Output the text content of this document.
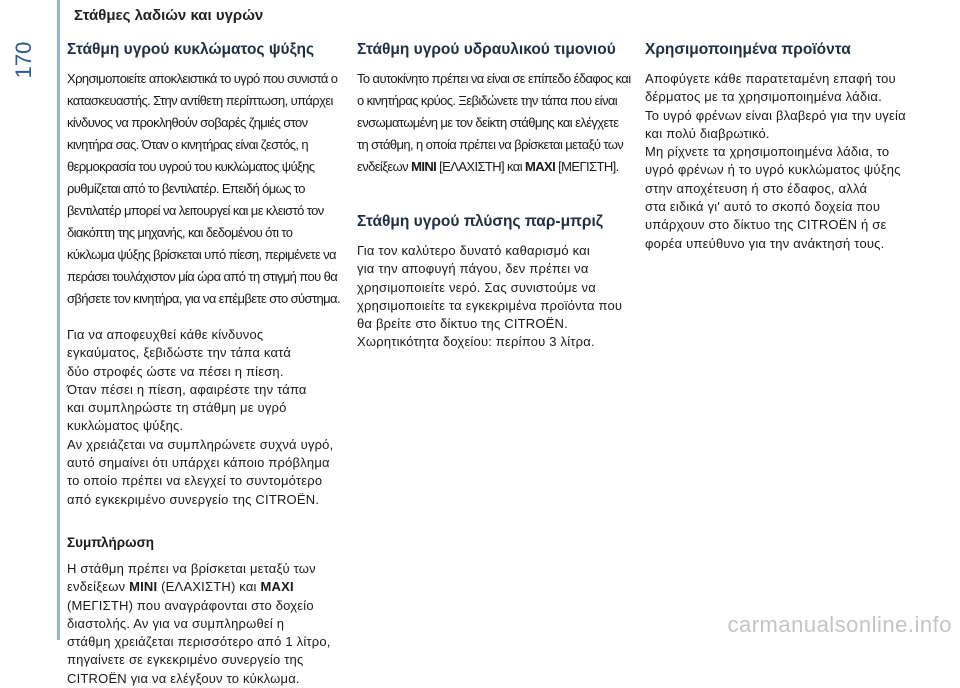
170
Στάθμες λαδιών και υγρών
Στάθμη υγρού κυκλώματος ψύξης

Χρησιμοποιείτε αποκλειστικά το υγρό που συνιστά ο κατασκευαστής. Στην αντίθετη περίπτωση, υπάρχει κίνδυνος να προκληθούν σοβαρές ζημιές στον κινητήρα σας. Όταν ο κινητήρας είναι ζεστός, η θερμοκρασία του υγρού του κυκλώματος ψύξης ρυθμίζεται από το βεντιλατέρ. Επειδή όμως το βεντιλατέρ μπορεί να λειτουργεί και με κλειστό τον διακόπτη της μηχανής, και δεδομένου ότι το κύκλωμα ψύξης βρίσκεται υπό πίεση, περιμένετε να περάσει τουλάχιστον μία ώρα από τη στιγμή που θα σβήσετε τον κινητήρα, για να επέμβετε στο σύστημα.

Για να αποφευχθεί κάθε κίνδυνος
εγκαύματος, ξεβιδώστε την τάπα κατά
δύο στροφές ώστε να πέσει η πίεση.
Όταν πέσει η πίεση, αφαιρέστε την τάπα
και συμπληρώστε τη στάθμη με υγρό
κυκλώματος ψύξης.
Αν χρειάζεται να συμπληρώνετε συχνά υγρό,
αυτό σημαίνει ότι υπάρχει κάποιο πρόβλημα
το οποίο πρέπει να ελεγχεί το συντομότερο
από εγκεκριμένο συνεργείο της CITROËN.
Συμπλήρωση
Η στάθμη πρέπει να βρίσκεται μεταξύ των
ενδείξεων MINI (ΕΛΑΧΙΣΤΗ) και MAXI
(ΜΕΓΙΣΤΗ) που αναγράφονται στο δοχείο
διαστολής. Αν για να συμπληρωθεί η
στάθμη χρειάζεται περισσότερο από 1 λίτρο,
πηγαίνετε σε εγκεκριμένο συνεργείο της
CITROËN για να ελέγξουν το κύκλωμα.
Στάθμη υγρού υδραυλικού τιμονιού
Το αυτοκίνητο πρέπει να είναι σε επίπεδο έδαφος και
ο κινητήρας κρύος. Ξεβιδώνετε την τάπα που είναι
ενσωματωμένη με τον δείκτη στάθμης και ελέγχετε
τη στάθμη, η οποία πρέπει να βρίσκεται μεταξύ των
ενδείξεων MINI [ΕΛΑΧΙΣΤΗ] και MAXI [ΜΕΓΙΣΤΗ].
Στάθμη υγρού πλύσης παρ-μπριζ
Για τον καλύτερο δυνατό καθαρισμό και
για την αποφυγή πάγου, δεν πρέπει να
χρησιμοποιείτε νερό. Σας συνιστούμε να
χρησιμοποιείτε τα εγκεκριμένα προϊόντα που
θα βρείτε στο δίκτυο της CITROËN.
Χωρητικότητα δοχείου: περίπου 3 λίτρα.
Χρησιμοποιημένα προϊόντα
Αποφύγετε κάθε παρατεταμένη επαφή του
δέρματος με τα χρησιμοποιημένα λάδια.
Το υγρό φρένων είναι βλαβερό για την υγεία
και πολύ διαβρωτικό.
Μη ρίχνετε τα χρησιμοποιημένα λάδια, το
υγρό φρένων ή το υγρό κυκλώματος ψύξης
στην αποχέτευση ή στο έδαφος, αλλά
στα ειδικά γι' αυτό το σκοπό δοχεία που
υπάρχουν στο δίκτυο της CITROËN ή σε
φορέα υπεύθυνο για την ανάκτησή τους.
carmanualsonline.info
